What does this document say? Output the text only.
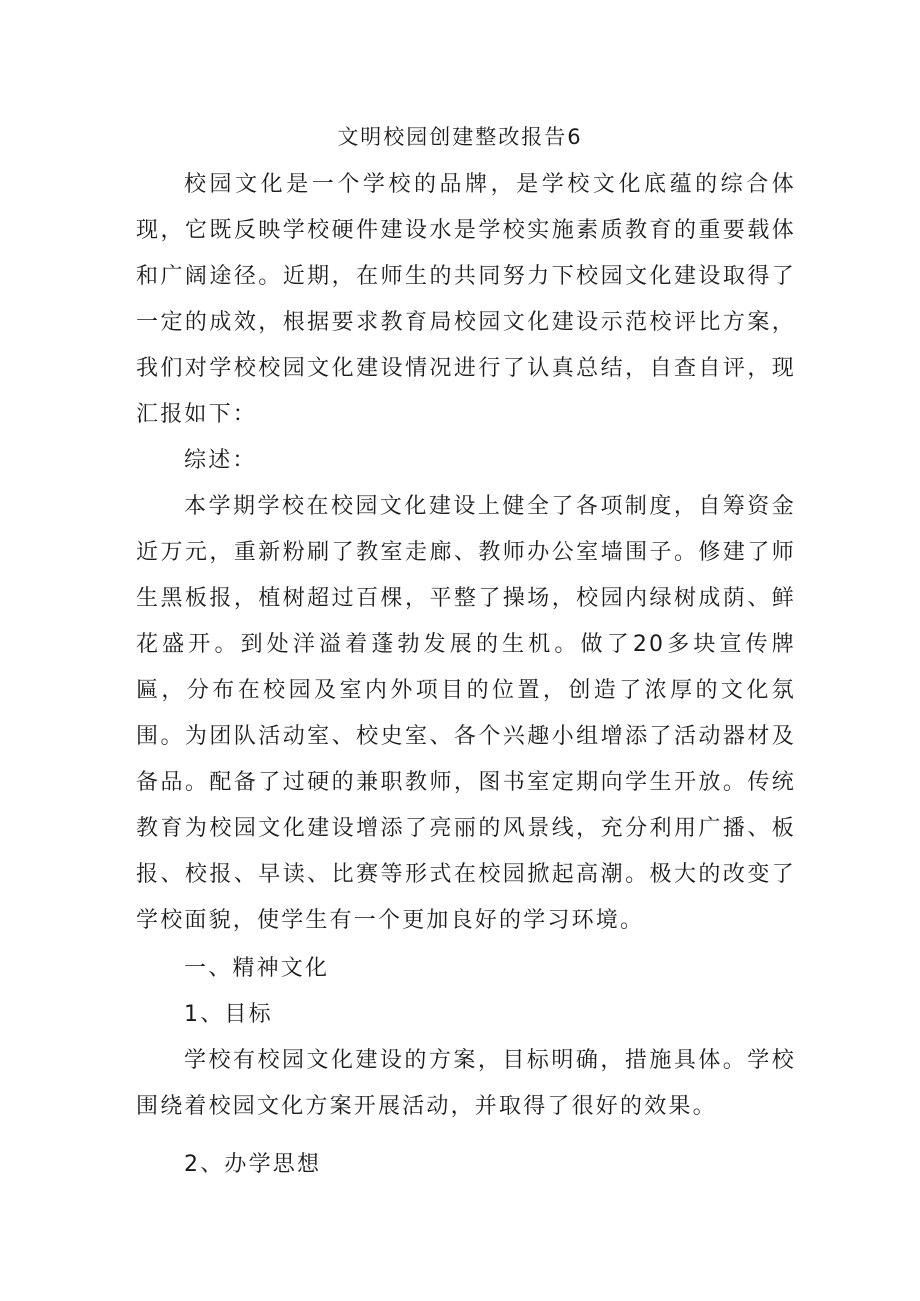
文明校园创建整改报告6

校园文化是一个学校的品牌，是学校文化底蕴的综合体现，它既反映学校硬件建设水是学校实施素质教育的重要载体和广阔途径。近期，在师生的共同努力下校园文化建设取得了一定的成效，根据要求教育局校园文化建设示范校评比方案，我们对学校校园文化建设情况进行了认真总结，自查自评，现汇报如下：

综述：

本学期学校在校园文化建设上健全了各项制度，自筹资金近万元，重新粉刷了教室走廊、教师办公室墙围子。修建了师生黑板报，植树超过百棵，平整了操场，校园内绿树成荫、鲜花盛开。到处洋溢着蓬勃发展的生机。做了20多块宣传牌匾，分布在校园及室内外项目的位置，创造了浓厚的文化氛围。为团队活动室、校史室、各个兴趣小组增添了活动器材及备品。配备了过硬的兼职教师，图书室定期向学生开放。传统教育为校园文化建设增添了亮丽的风景线，充分利用广播、板报、校报、早读、比赛等形式在校园掀起高潮。极大的改变了学校面貌，使学生有一个更加良好的学习环境。

一、精神文化

1、目标

学校有校园文化建设的方案，目标明确，措施具体。学校围绕着校园文化方案开展活动，并取得了很好的效果。

2、办学思想
